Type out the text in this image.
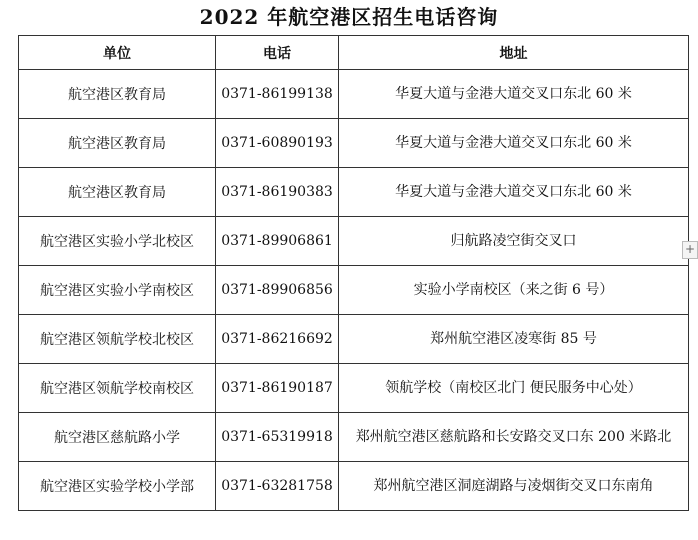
2022 年航空港区招生电话咨询
单位	电话	地址
航空港区教育局	0371-86199138	华夏大道与金港大道交叉口东北 60 米
航空港区教育局	0371-60890193	华夏大道与金港大道交叉口东北 60 米
航空港区教育局	0371-86190383	华夏大道与金港大道交叉口东北 60 米
航空港区实验小学北校区	0371-89906861	归航路凌空街交叉口
航空港区实验小学南校区	0371-89906856	实验小学南校区（来之街 6 号）
航空港区领航学校北校区	0371-86216692	郑州航空港区凌寒街 85 号
航空港区领航学校南校区	0371-86190187	领航学校（南校区北门 便民服务中心处）
航空港区慈航路小学	0371-65319918	郑州航空港区慈航路和长安路交叉口东 200 米路北
航空港区实验学校小学部	0371-63281758	郑州航空港区洞庭湖路与凌烟街交叉口东南角
+
